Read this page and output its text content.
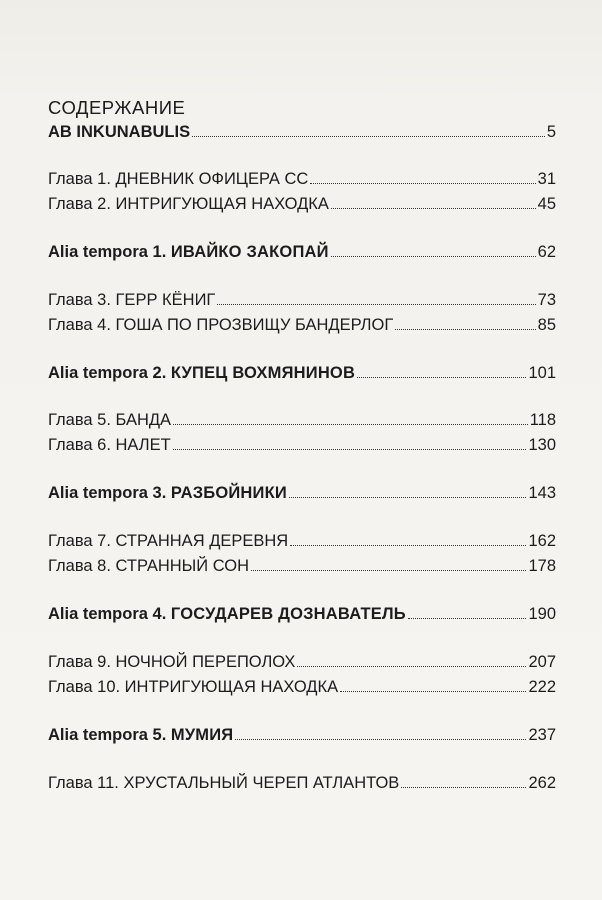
СОДЕРЖАНИЕ
AB INKUNABULIS	5
Глава 1. ДНЕВНИК ОФИЦЕРА СС	31
Глава 2. ИНТРИГУЮЩАЯ НАХОДКА	45
Alia tempora 1. ИВАЙКО ЗАКОПАЙ	62
Глава 3. ГЕРР КЁНИГ	73
Глава 4. ГОША ПО ПРОЗВИЩУ БАНДЕРЛОГ	85
Alia tempora 2. КУПЕЦ ВОХМЯНИНОВ	101
Глава 5. БАНДА	118
Глава 6. НАЛЕТ	130
Alia tempora 3. РАЗБОЙНИКИ	143
Глава 7. СТРАННАЯ ДЕРЕВНЯ	162
Глава 8. СТРАННЫЙ СОН	178
Alia tempora 4. ГОСУДАРЕВ ДОЗНАВАТЕЛЬ	190
Глава 9. НОЧНОЙ ПЕРЕПОЛОХ	207
Глава 10. ИНТРИГУЮЩАЯ НАХОДКА	222
Alia tempora 5. МУМИЯ	237
Глава 11. ХРУСТАЛЬНЫЙ ЧЕРЕП АТЛАНТОВ	262
